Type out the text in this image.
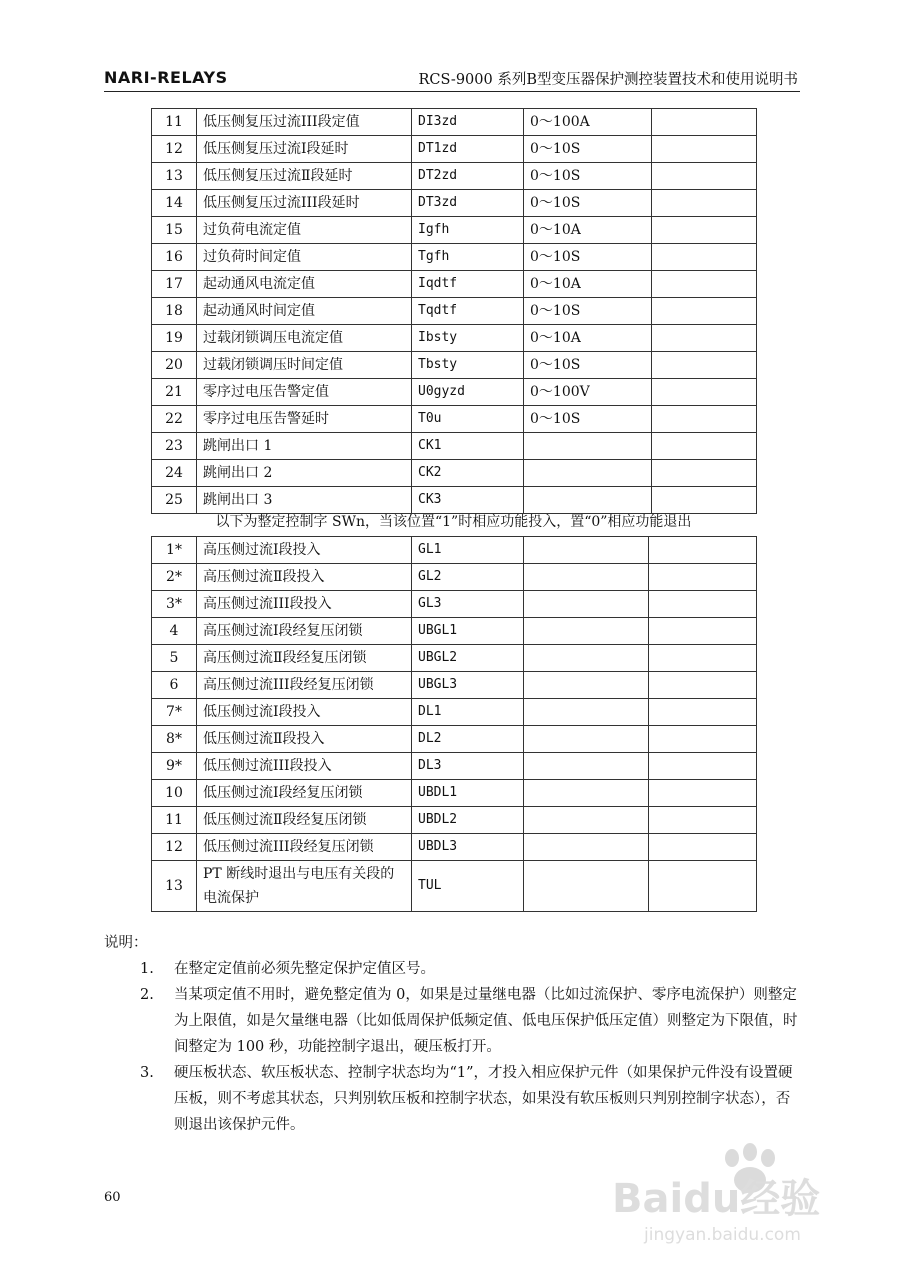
NARI-RELAYS	RCS-9000 系列B型变压器保护测控装置技术和使用说明书
11	低压侧复压过流III段定值	DI3zd	0～100A	
12	低压侧复压过流Ⅰ段延时	DT1zd	0～10S	
13	低压侧复压过流Ⅱ段延时	DT2zd	0～10S	
14	低压侧复压过流III段延时	DT3zd	0～10S	
15	过负荷电流定值	Igfh	0～10A	
16	过负荷时间定值	Tgfh	0～10S	
17	起动通风电流定值	Iqdtf	0～10A	
18	起动通风时间定值	Tqdtf	0～10S	
19	过载闭锁调压电流定值	Ibsty	0～10A	
20	过载闭锁调压时间定值	Tbsty	0～10S	
21	零序过电压告警定值	U0gyzd	0～100V	
22	零序过电压告警延时	T0u	0～10S	
23	跳闸出口 1	CK1		
24	跳闸出口 2	CK2		
25	跳闸出口 3	CK3		
以下为整定控制字 SWn，当该位置“1”时相应功能投入，置“0”相应功能退出
1*	高压侧过流Ⅰ段投入	GL1		
2*	高压侧过流Ⅱ段投入	GL2		
3*	高压侧过流III段投入	GL3		
4	高压侧过流Ⅰ段经复压闭锁	UBGL1		
5	高压侧过流Ⅱ段经复压闭锁	UBGL2		
6	高压侧过流III段经复压闭锁	UBGL3		
7*	低压侧过流Ⅰ段投入	DL1		
8*	低压侧过流Ⅱ段投入	DL2		
9*	低压侧过流III段投入	DL3		
10	低压侧过流Ⅰ段经复压闭锁	UBDL1		
11	低压侧过流Ⅱ段经复压闭锁	UBDL2		
12	低压侧过流III段经复压闭锁	UBDL3		
13	PT 断线时退出与电压有关段的电流保护	TUL		
说明：
1. 在整定定值前必须先整定保护定值区号。
2. 当某项定值不用时，避免整定值为 0，如果是过量继电器（比如过流保护、零序电流保护）则整定为上限值，如是欠量继电器（比如低周保护低频定值、低电压保护低压定值）则整定为下限值，时间整定为 100 秒，功能控制字退出，硬压板打开。
3. 硬压板状态、软压板状态、控制字状态均为“1”，才投入相应保护元件（如果保护元件没有设置硬压板，则不考虑其状态，只判别软压板和控制字状态，如果没有软压板则只判别控制字状态），否则退出该保护元件。
60	Baidu经验
jingyan.baidu.com
